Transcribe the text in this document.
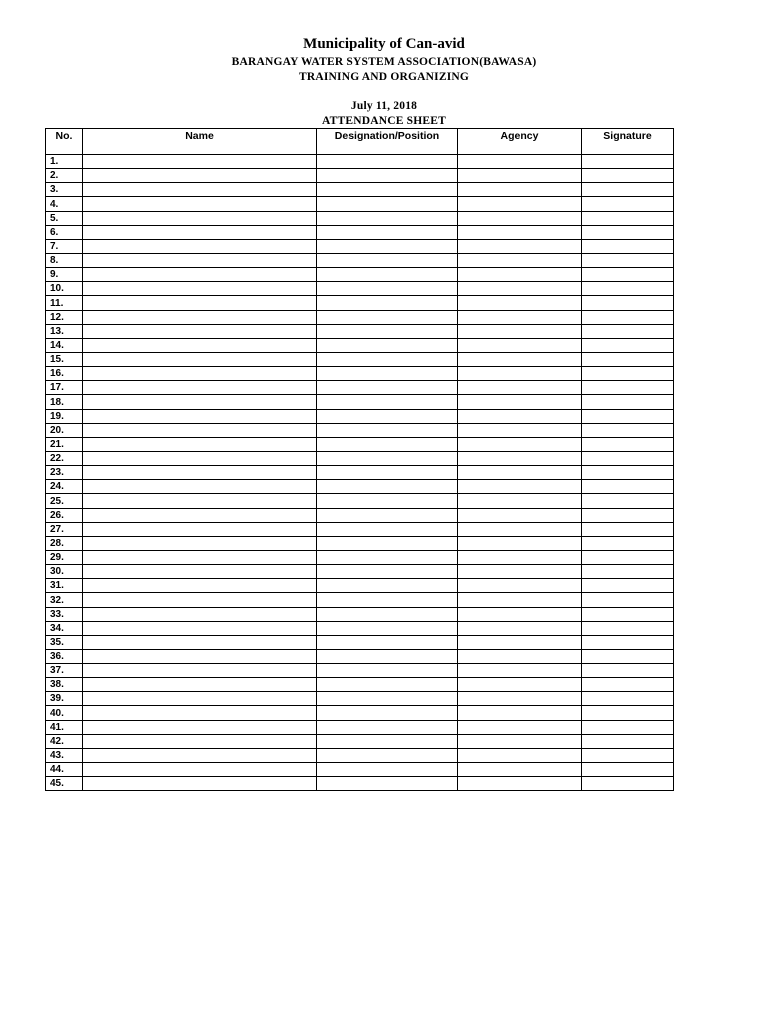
Municipality of Can-avid
BARANGAY WATER SYSTEM ASSOCIATION(BAWASA)
TRAINING AND ORGANIZING
July 11, 2018
ATTENDANCE SHEET
No.	Name	Designation/Position	Agency	Signature
1.				
2.				
3.				
4.				
5.				
6.				
7.				
8.				
9.				
10.				
11.				
12.				
13.				
14.				
15.				
16.				
17.				
18.				
19.				
20.				
21.				
22.				
23.				
24.				
25.				
26.				
27.				
28.				
29.				
30.				
31.				
32.				
33.				
34.				
35.				
36.				
37.				
38.				
39.				
40.				
41.				
42.				
43.				
44.				
45.				
